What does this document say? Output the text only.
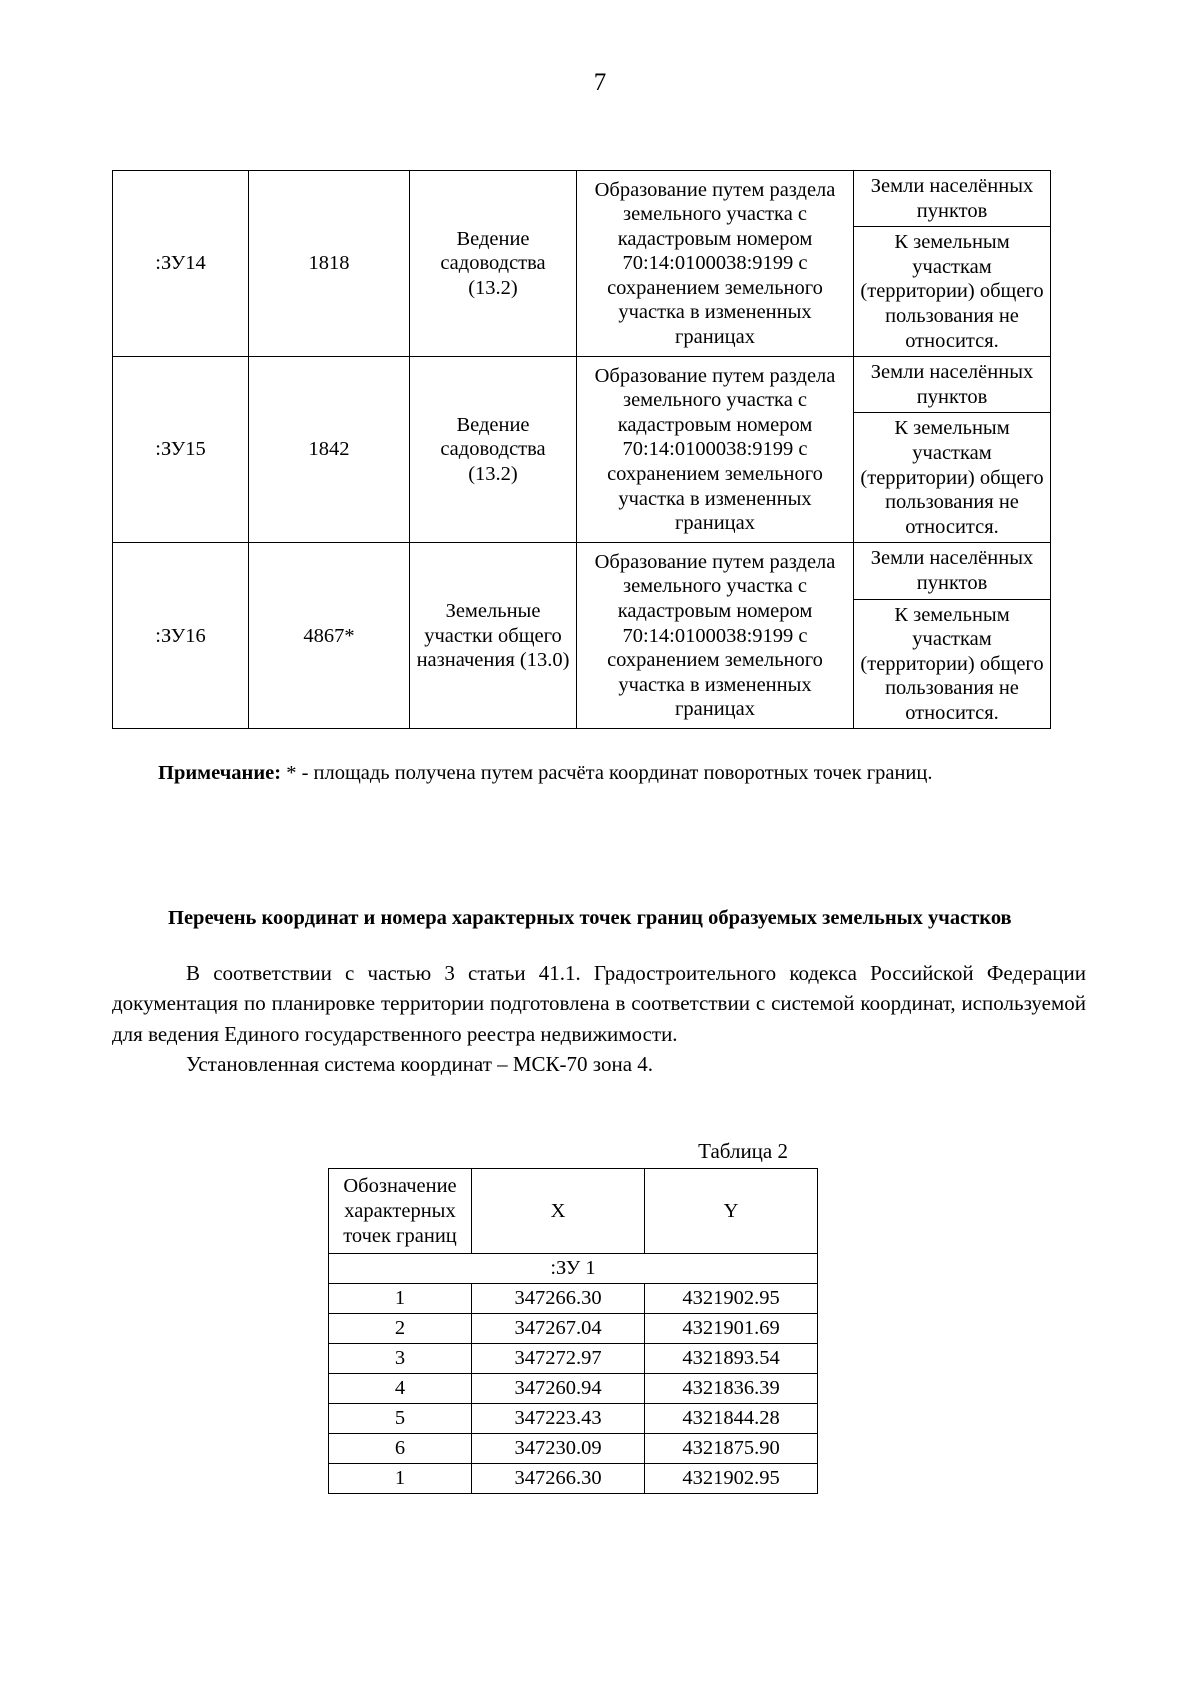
7
:ЗУ14	1818	Ведение садоводства (13.2)	Образование путем раздела земельного участка с кадастровым номером 70:14:0100038:9199 с сохранением земельного участка в измененных границах	Земли населённых пунктов
К земельным участкам (территории) общего пользования не относится.

:ЗУ15	1842	Ведение садоводства (13.2)	Образование путем раздела земельного участка с кадастровым номером 70:14:0100038:9199 с сохранением земельного участка в измененных границах	Земли населённых пунктов
К земельным участкам (территории) общего пользования не относится.

:ЗУ16	4867*	Земельные участки общего назначения (13.0)	Образование путем раздела земельного участка с кадастровым номером 70:14:0100038:9199 с сохранением земельного участка в измененных границах	Земли населённых пунктов
К земельным участкам (территории) общего пользования не относится.
Примечание: * - площадь получена путем расчёта координат поворотных точек границ.
Перечень координат и номера характерных точек границ образуемых земельных участков
В соответствии с частью 3 статьи 41.1. Градостроительного кодекса Российской Федерации документация по планировке территории подготовлена в соответствии с системой координат, используемой для ведения Единого государственного реестра недвижимости.
Установленная система координат – МСК-70 зона 4.
Таблица 2
Обозначение характерных точек границ	X	Y
:ЗУ 1		
1	347266.30	4321902.95
2	347267.04	4321901.69
3	347272.97	4321893.54
4	347260.94	4321836.39
5	347223.43	4321844.28
6	347230.09	4321875.90
1	347266.30	4321902.95
